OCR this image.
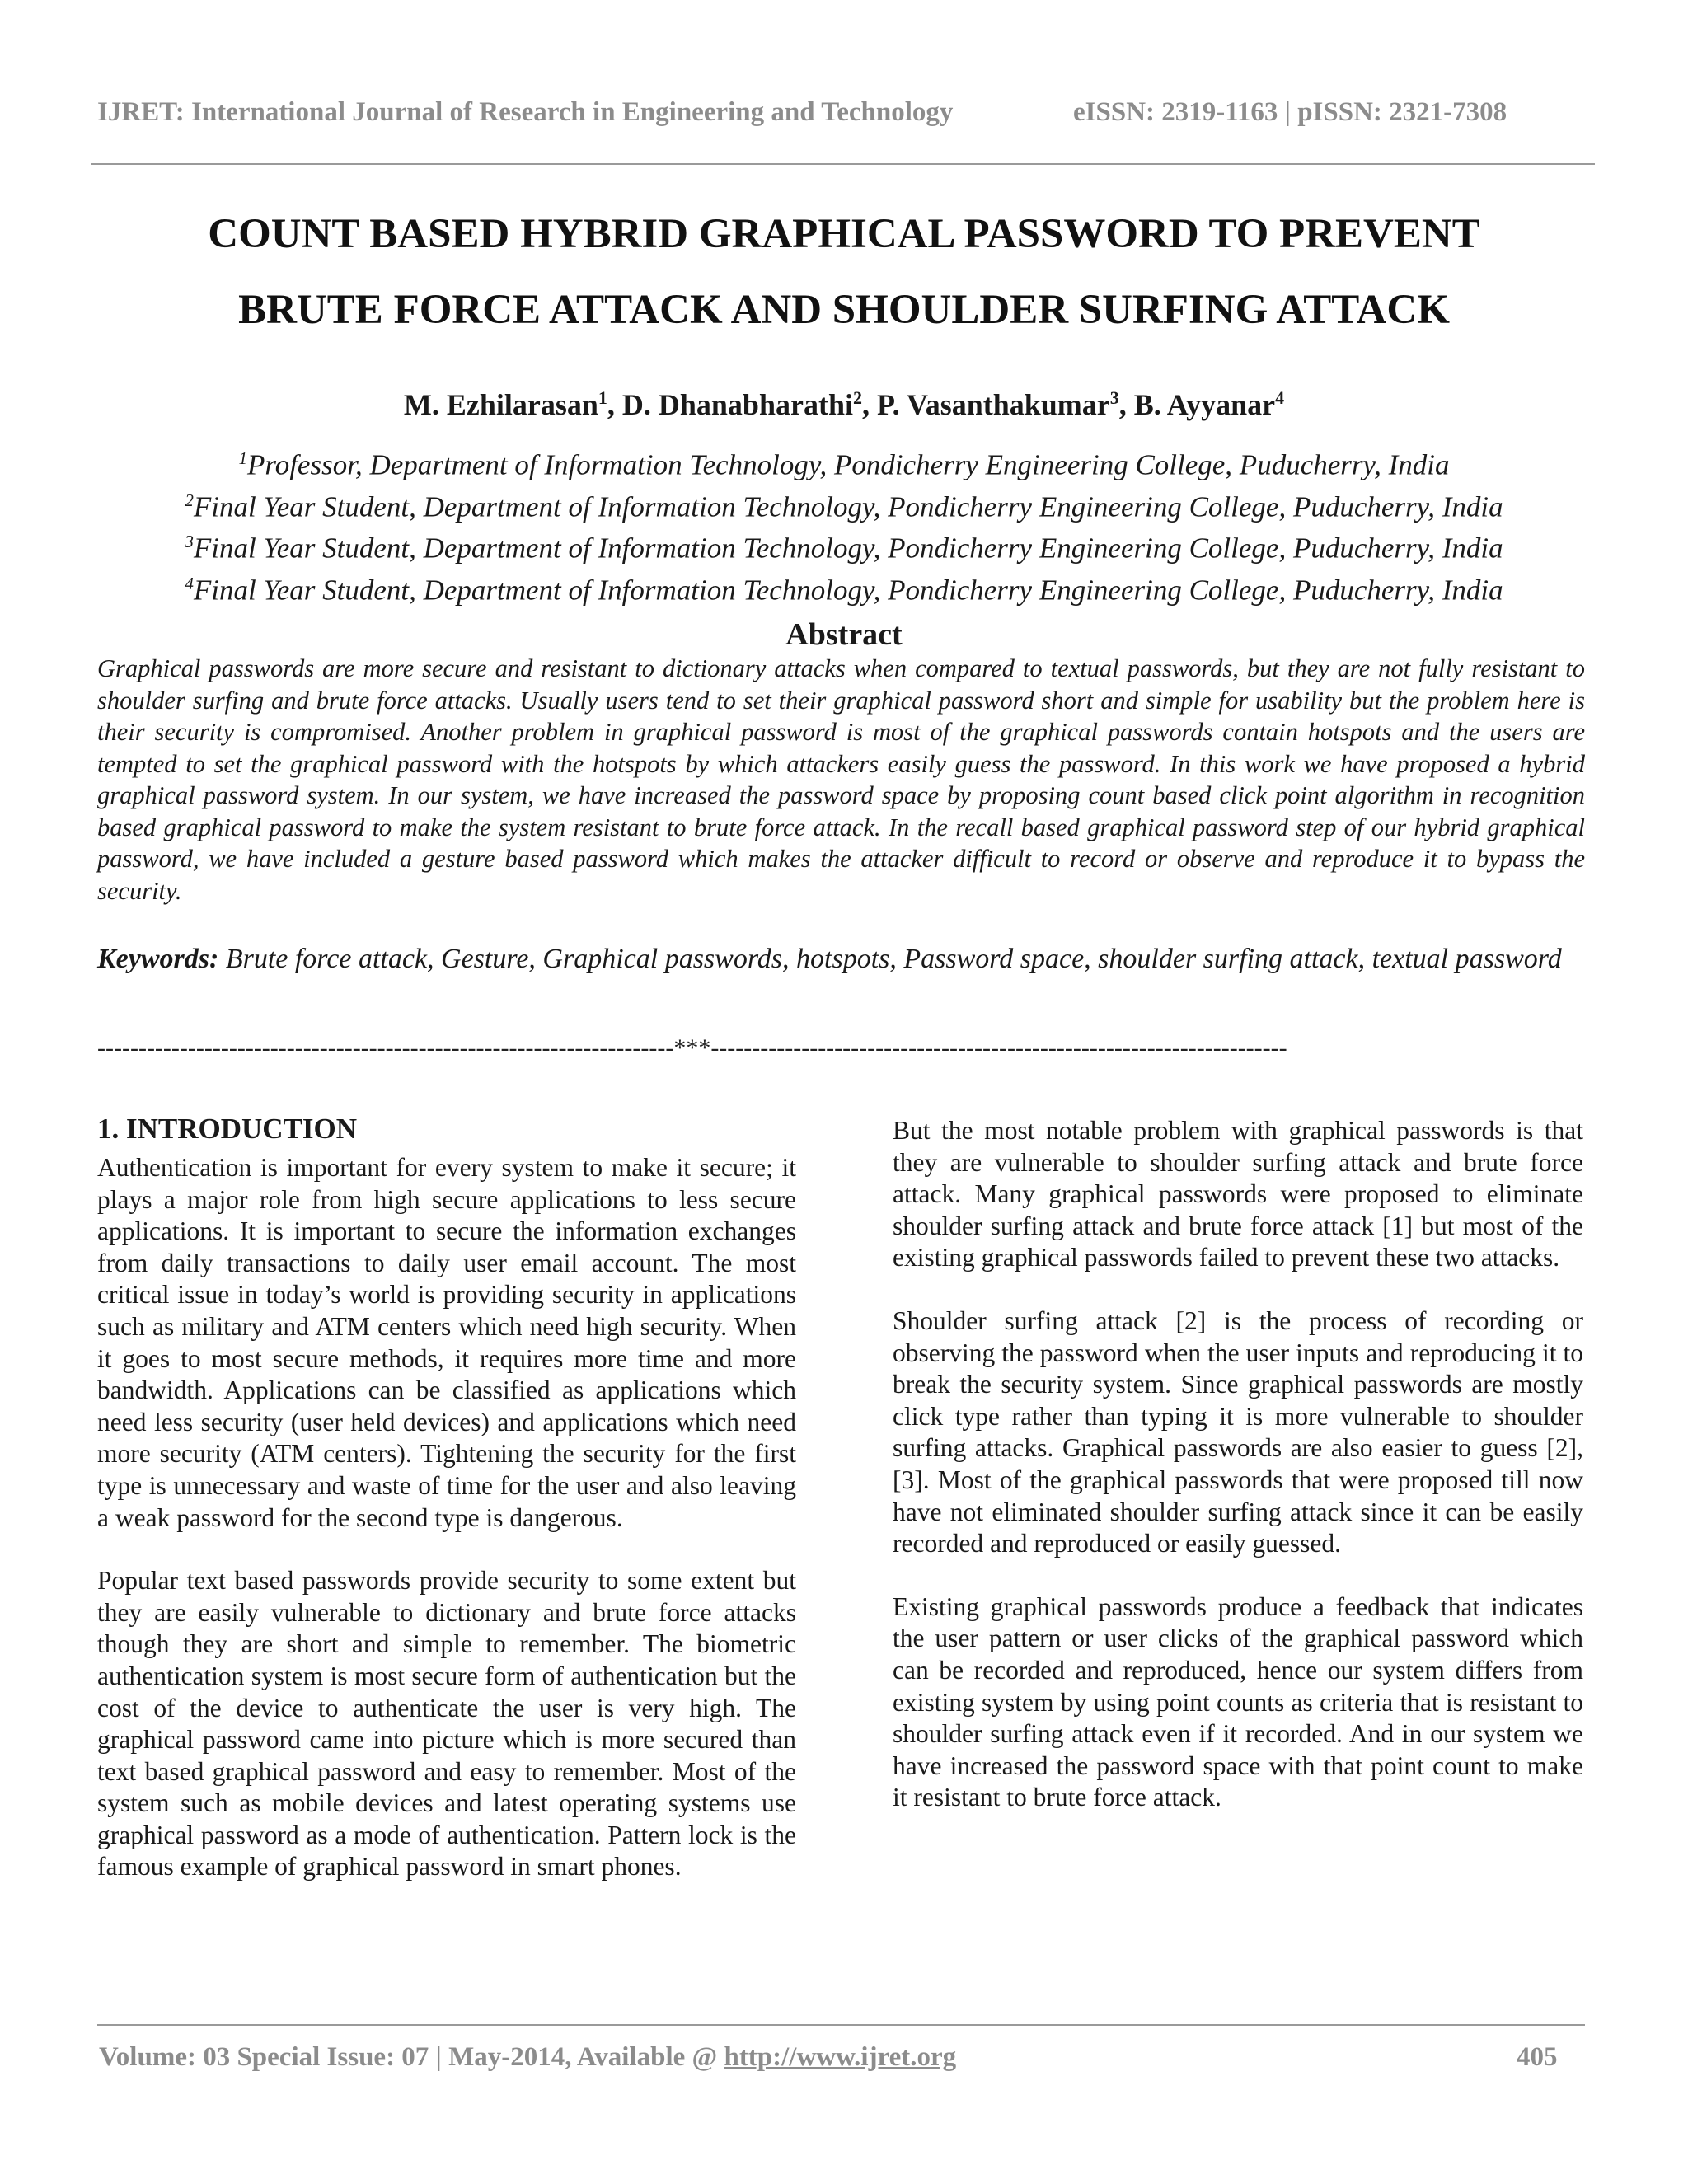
IJRET: International Journal of Research in Engineering and Technology	eISSN: 2319-1163 | pISSN: 2321-7308
COUNT BASED HYBRID GRAPHICAL PASSWORD TO PREVENT
BRUTE FORCE ATTACK AND SHOULDER SURFING ATTACK
M. Ezhilarasan$^1$, D. Dhanabharathi$^2$, P. Vasanthakumar$^3$, B. Ayyanar$^4$
$^1$Professor, Department of Information Technology, Pondicherry Engineering College, Puducherry, India
$^2$Final Year Student, Department of Information Technology, Pondicherry Engineering College, Puducherry, India
$^3$Final Year Student, Department of Information Technology, Pondicherry Engineering College, Puducherry, India
$^4$Final Year Student, Department of Information Technology, Pondicherry Engineering College, Puducherry, India
Abstract
Graphical passwords are more secure and resistant to dictionary attacks when compared to textual passwords, but they are not fully resistant to shoulder surfing and brute force attacks. Usually users tend to set their graphical password short and simple for usability but the problem here is their security is compromised. Another problem in graphical password is most of the graphical passwords contain hotspots and the users are tempted to set the graphical password with the hotspots by which attackers easily guess the password. In this work we have proposed a hybrid graphical password system. In our system, we have increased the password space by proposing count based click point algorithm in recognition based graphical password to make the system resistant to brute force attack. In the recall based graphical password step of our hybrid graphical password, we have included a gesture based password which makes the attacker difficult to record or observe and reproduce it to bypass the security.
Keywords: Brute force attack, Gesture, Graphical passwords, hotspots, Password space, shoulder surfing attack, textual password
----------------------------------------------------------------------***----------------------------------------------------------------------
1. INTRODUCTION

Authentication is important for every system to make it secure; it plays a major role from high secure applications to less secure applications. It is important to secure the information exchanges from daily transactions to daily user email account. The most critical issue in today’s world is providing security in applications such as military and ATM centers which need high security. When it goes to most secure methods, it requires more time and more bandwidth. Applications can be classified as applications which need less security (user held devices) and applications which need more security (ATM centers). Tightening the security for the first type is unnecessary and waste of time for the user and also leaving a weak password for the second type is dangerous.

Popular text based passwords provide security to some extent but they are easily vulnerable to dictionary and brute force attacks though they are short and simple to remember. The biometric authentication system is most secure form of authentication but the cost of the device to authenticate the user is very high. The graphical password came into picture which is more secured than text based graphical password and easy to remember. Most of the system such as mobile devices and latest operating systems use graphical password as a mode of authentication. Pattern lock is the famous example of graphical password in smart phones.

But the most notable problem with graphical passwords is that they are vulnerable to shoulder surfing attack and brute force attack. Many graphical passwords were proposed to eliminate shoulder surfing attack and brute force attack [1] but most of the existing graphical passwords failed to prevent these two attacks.

Shoulder surfing attack [2] is the process of recording or observing the password when the user inputs and reproducing it to break the security system. Since graphical passwords are mostly click type rather than typing it is more vulnerable to shoulder surfing attacks. Graphical passwords are also easier to guess [2], [3]. Most of the graphical passwords that were proposed till now have not eliminated shoulder surfing attack since it can be easily recorded and reproduced or easily guessed.

Existing graphical passwords produce a feedback that indicates the user pattern or user clicks of the graphical password which can be recorded and reproduced, hence our system differs from existing system by using point counts as criteria that is resistant to shoulder surfing attack even if it recorded. And in our system we have increased the password space with that point count to make it resistant to brute force attack.

Volume: 03 Special Issue: 07 | May-2014, Available @ http://www.ijret.org	405
